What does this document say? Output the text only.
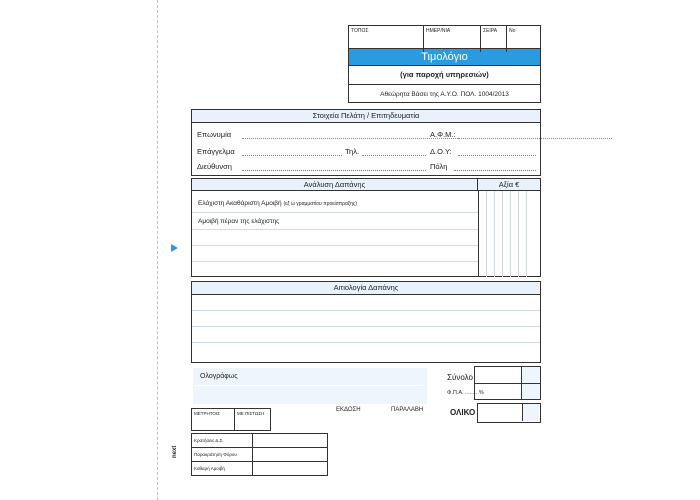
ΤΟΠΟΣ	ΗΜΕΡ/ΝΙΑ	ΣΕΙΡΑ	No
Τιμολόγιο
(για παροχή υπηρεσιών)
Αθεώρητα Βάσει της Α.Υ.Ο. ΠΟΛ. 1004/2013
Στοιχεία Πελάτη / Επιτηδευματία
Επωνυμία	Α.Φ.Μ.:
Επάγγελμα	Τηλ.	Δ.Ο.Υ:
Διεύθυνση	Πόλη
Ανάλυση Δαπάνης	Αξία €
Ελάχιστη Ακαθάριστη Αμοιβή (εξ ώ γραμματίου προείσπραξης)
Αμοιβή πέραν της ελάχιστης
Αιτιολογία Δαπάνης
Ολογράφως	Σύνολο
Φ.Π.Α. .........%
ΟΛΙΚΟ
ΜΕΤΡΗΤΟΙΣ	ΜΕ ΠΙΣΤΩΣΗ
ΕΚΔΟΣΗ	ΠΑΡΑΛΑΒΗ
Κρατήσεις Δ.Σ.	
Παρακράτηση Φόρου	
Καθαρή Αμοιβή	
next
